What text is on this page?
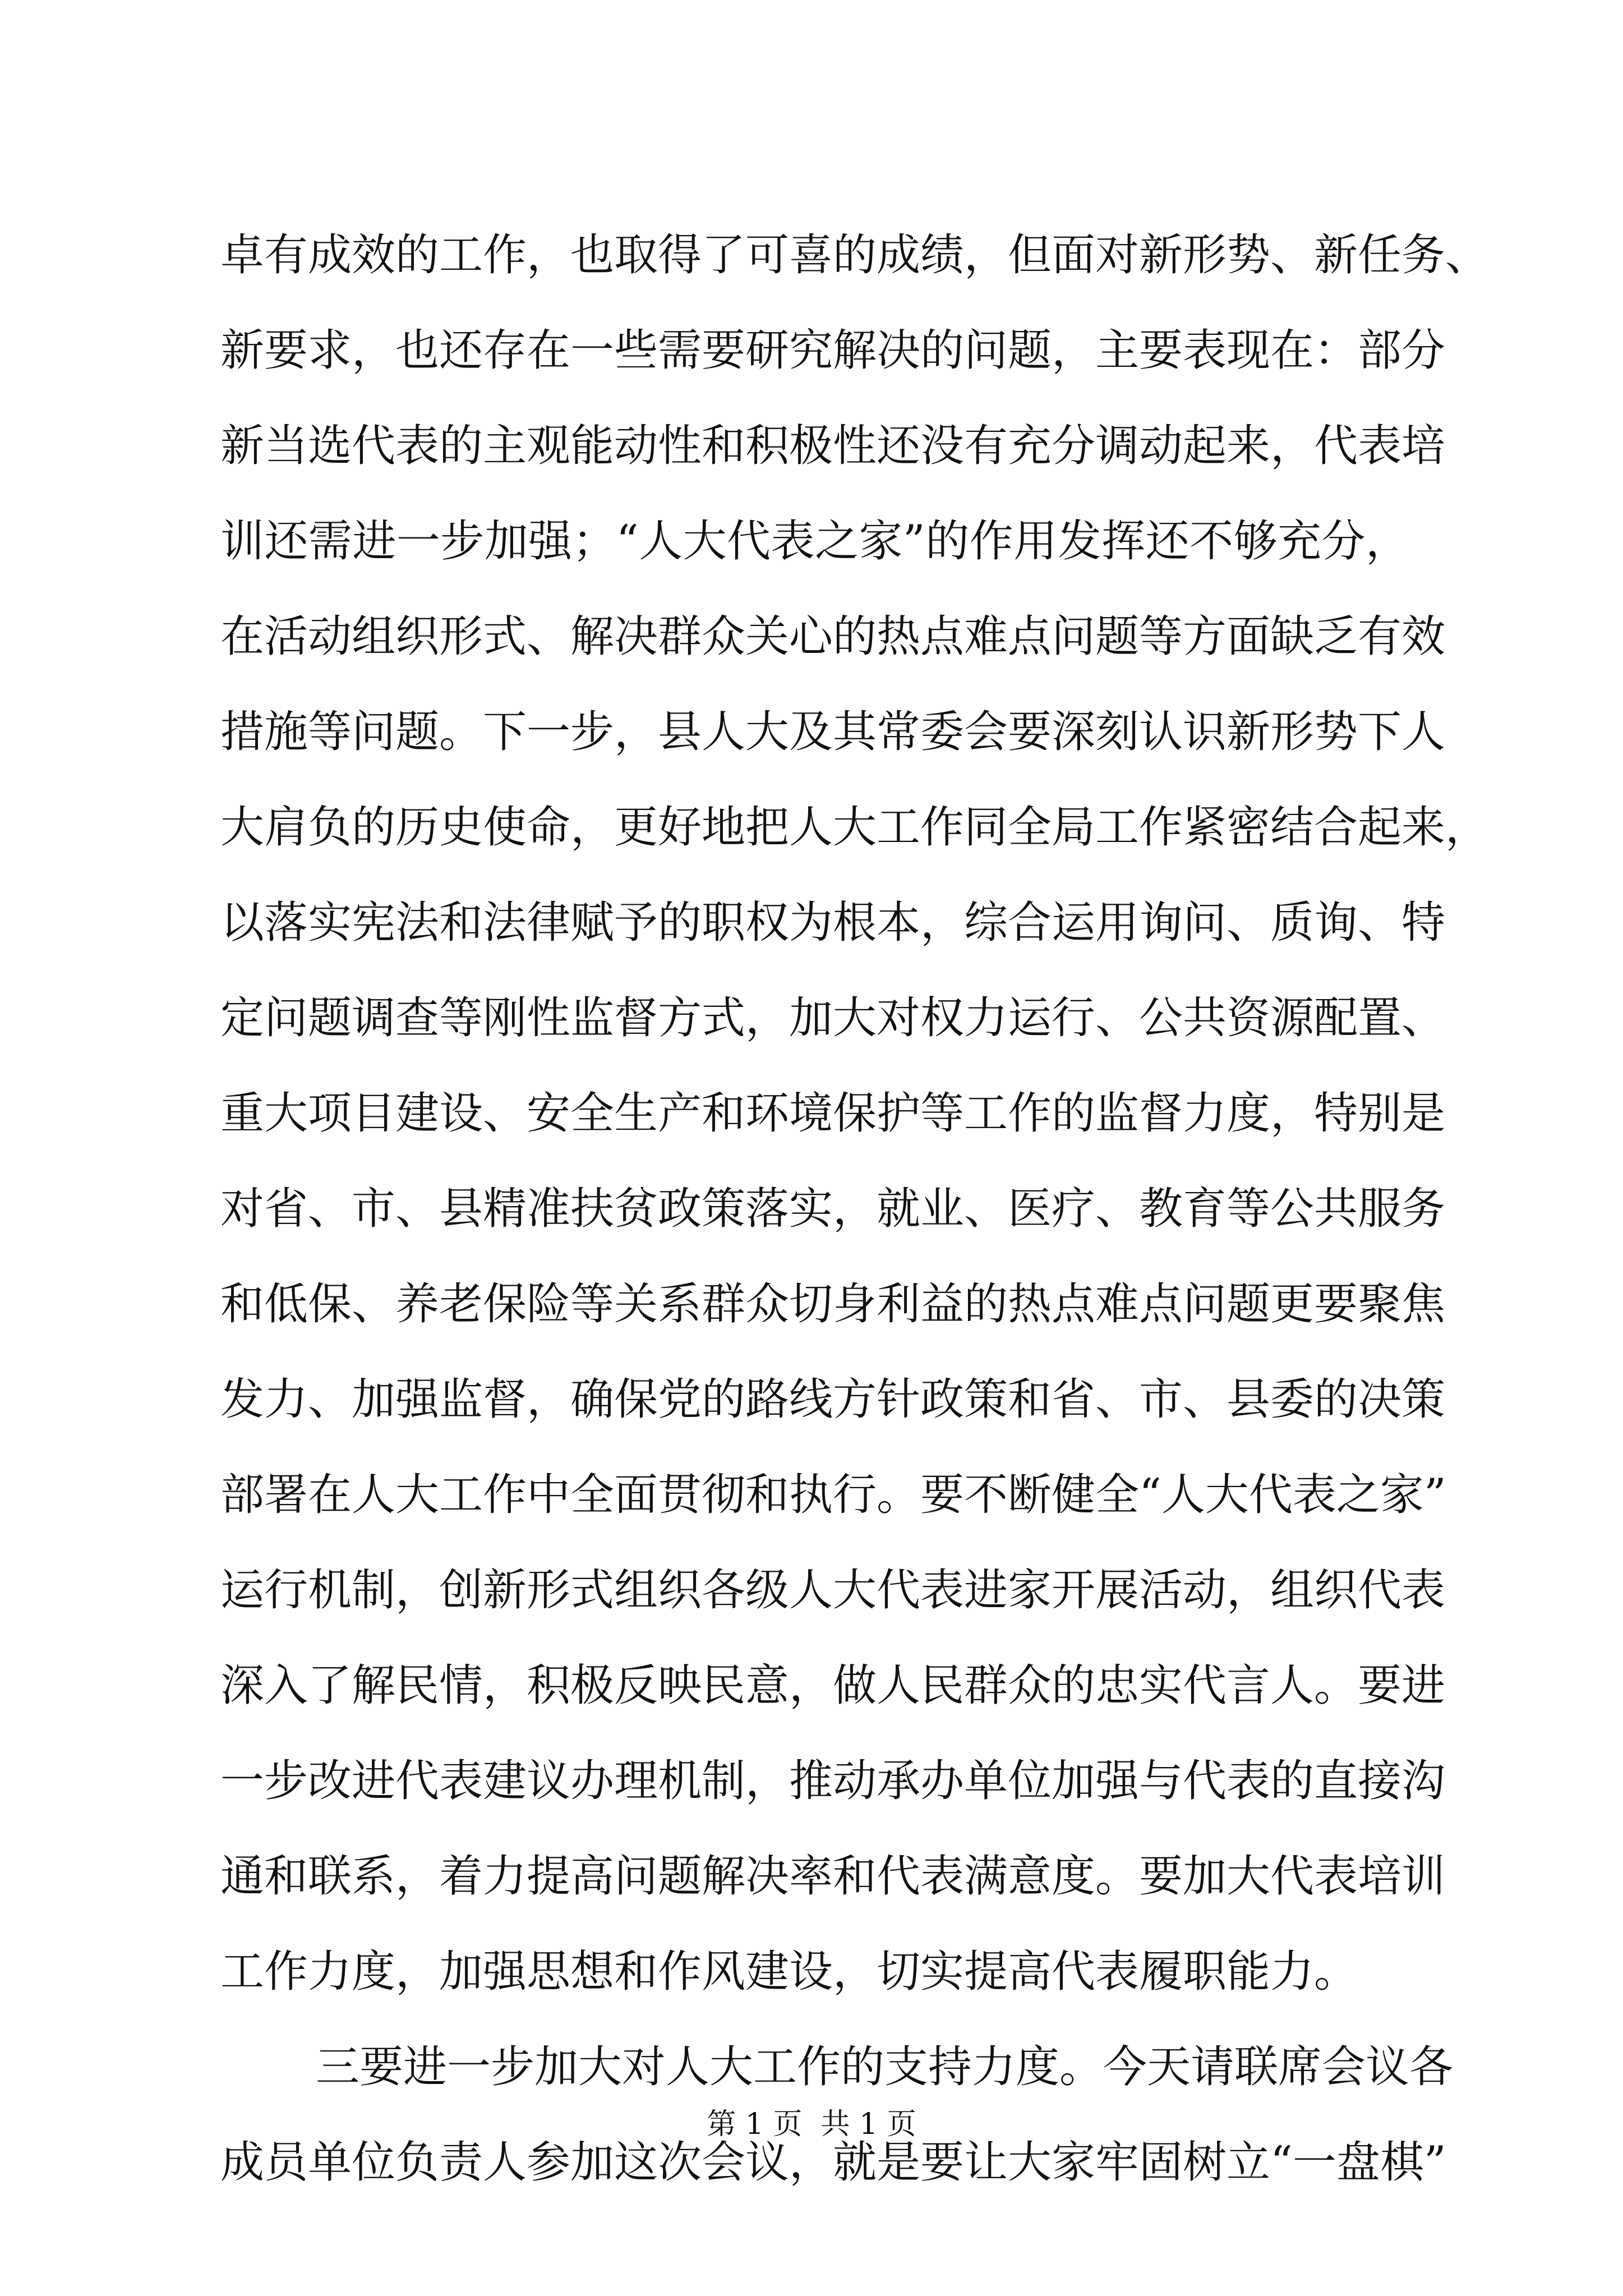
卓有成效的工作，也取得了可喜的成绩，但面对新形势、新任务、
新要求，也还存在一些需要研究解决的问题，主要表现在：部分
新当选代表的主观能动性和积极性还没有充分调动起来，代表培
训还需进一步加强；“人大代表之家”的作用发挥还不够充分，
在活动组织形式、解决群众关心的热点难点问题等方面缺乏有效
措施等问题。下一步，县人大及其常委会要深刻认识新形势下人
大肩负的历史使命，更好地把人大工作同全局工作紧密结合起来，
以落实宪法和法律赋予的职权为根本，综合运用询问、质询、特
定问题调查等刚性监督方式，加大对权力运行、公共资源配置、
重大项目建设、安全生产和环境保护等工作的监督力度，特别是
对省、市、县精准扶贫政策落实，就业、医疗、教育等公共服务
和低保、养老保险等关系群众切身利益的热点难点问题更要聚焦
发力、加强监督，确保党的路线方针政策和省、市、县委的决策
部署在人大工作中全面贯彻和执行。要不断健全“人大代表之家”
运行机制，创新形式组织各级人大代表进家开展活动，组织代表
深入了解民情，积极反映民意，做人民群众的忠实代言人。要进
一步改进代表建议办理机制，推动承办单位加强与代表的直接沟
通和联系，着力提高问题解决率和代表满意度。要加大代表培训
工作力度，加强思想和作风建设，切实提高代表履职能力。
三要进一步加大对人大工作的支持力度。今天请联席会议各
成员单位负责人参加这次会议，就是要让大家牢固树立“一盘棋”
第 1 页  共 1 页
